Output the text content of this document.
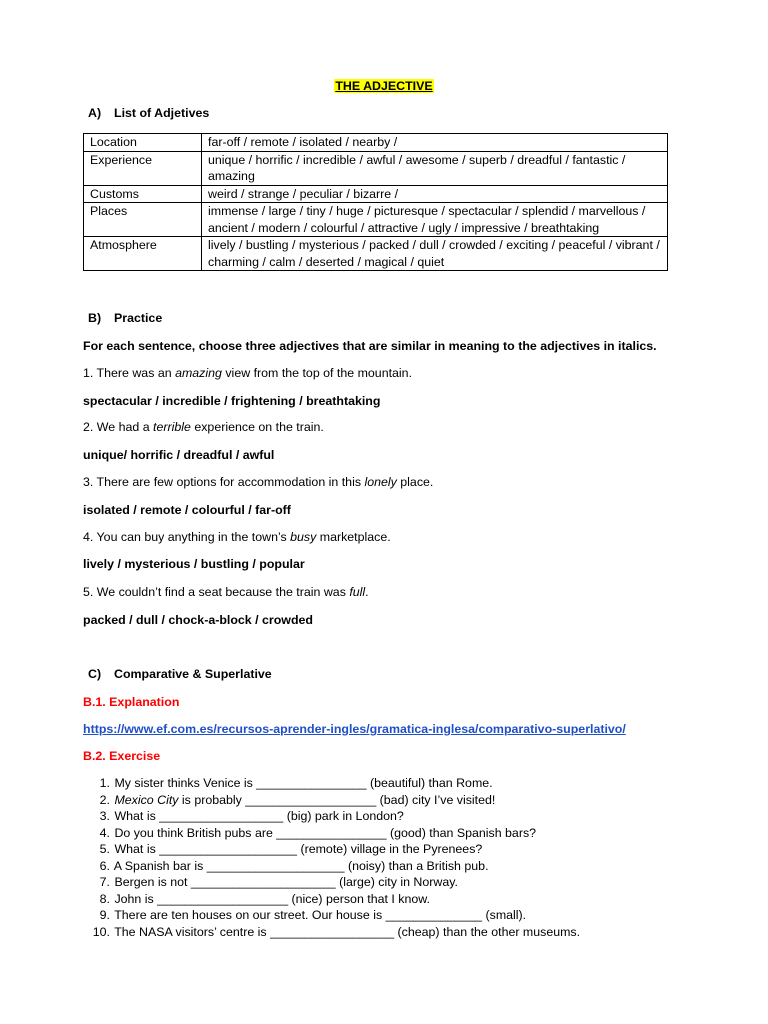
THE ADJECTIVE
A) List of Adjetives
Location	far-off / remote / isolated / nearby /
Experience	unique / horrific / incredible / awful / awesome / superb / dreadful / fantastic / amazing
Customs	weird / strange / peculiar / bizarre /
Places	immense / large / tiny / huge / picturesque / spectacular / splendid / marvellous / ancient / modern / colourful / attractive / ugly / impressive / breathtaking
Atmosphere	lively / bustling / mysterious / packed / dull / crowded / exciting / peaceful / vibrant / charming / calm / deserted / magical / quiet
B) Practice
For each sentence, choose three adjectives that are similar in meaning to the adjectives in italics.
1. There was an amazing view from the top of the mountain.
spectacular / incredible / frightening / breathtaking
2. We had a terrible experience on the train.
unique/ horrific / dreadful / awful
3. There are few options for accommodation in this lonely place.
isolated / remote / colourful / far-off
4. You can buy anything in the town’s busy marketplace.
lively / mysterious / bustling / popular
5. We couldn’t find a seat because the train was full.
packed / dull / chock-a-block / crowded
C) Comparative & Superlative
B.1. Explanation
https://www.ef.com.es/recursos-aprender-ingles/gramatica-inglesa/comparativo-superlativo/
B.2. Exercise
1. My sister thinks Venice is ________________ (beautiful) than Rome.
2. Mexico City is probably ___________________ (bad) city I’ve visited!
3. What is __________________ (big) park in London?
4. Do you think British pubs are ________________ (good) than Spanish bars?
5. What is ____________________ (remote) village in the Pyrenees?
6. A Spanish bar is ____________________ (noisy) than a British pub.
7. Bergen is not _____________________ (large) city in Norway.
8. John is ___________________ (nice) person that I know.
9. There are ten houses on our street. Our house is ______________ (small).
10. The NASA visitors’ centre is __________________ (cheap) than the other museums.
